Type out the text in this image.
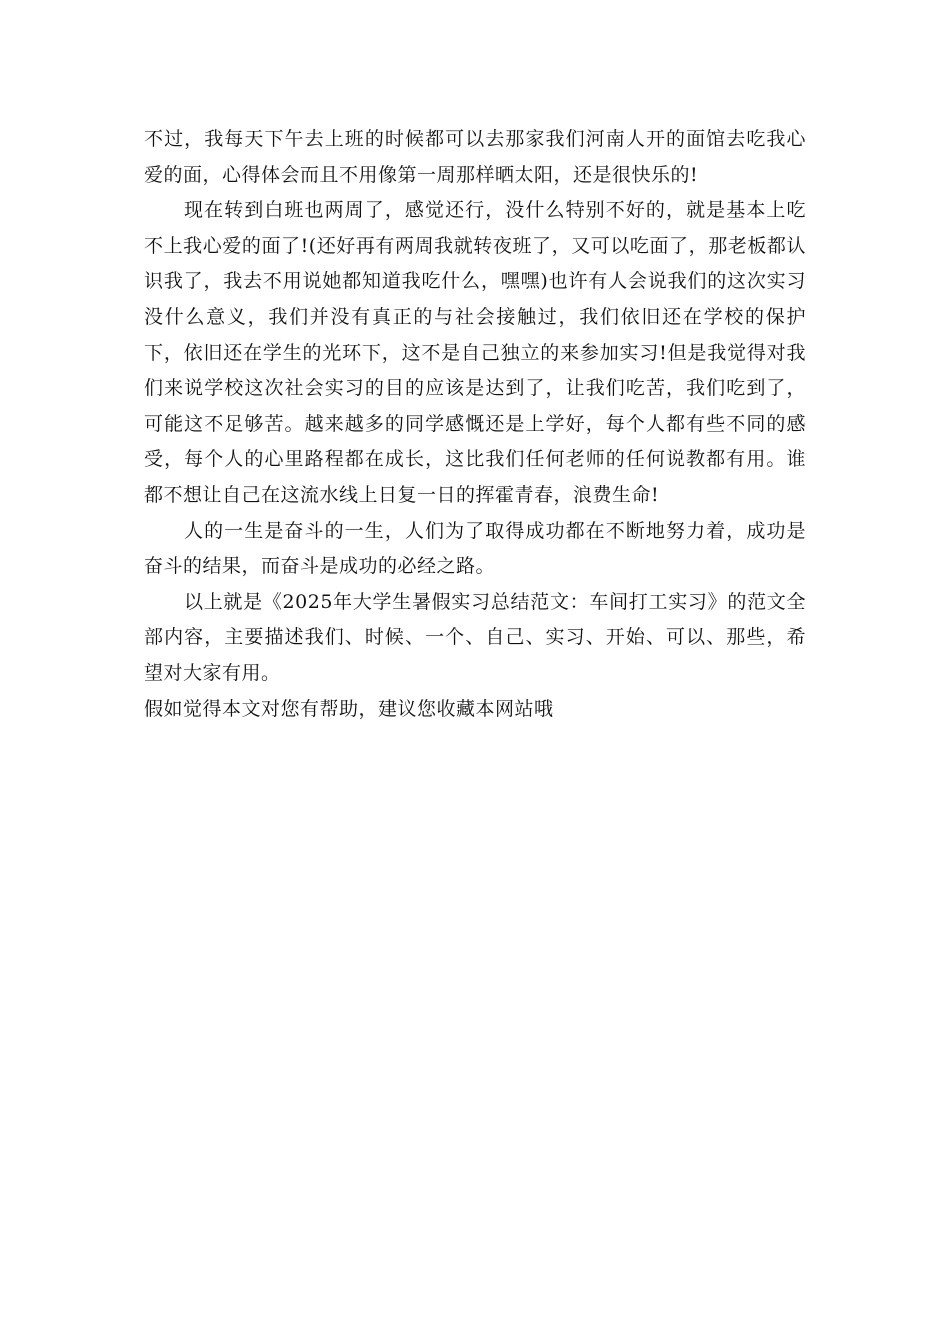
不过，我每天下午去上班的时候都可以去那家我们河南人开的面馆去吃我心爱的面，心得体会而且不用像第一周那样晒太阳，还是很快乐的!

现在转到白班也两周了，感觉还行，没什么特别不好的，就是基本上吃不上我心爱的面了!(还好再有两周我就转夜班了，又可以吃面了，那老板都认识我了，我去不用说她都知道我吃什么，嘿嘿)也许有人会说我们的这次实习没什么意义，我们并没有真正的与社会接触过，我们依旧还在学校的保护下，依旧还在学生的光环下，这不是自己独立的来参加实习!但是我觉得对我们来说学校这次社会实习的目的应该是达到了，让我们吃苦，我们吃到了，可能这不足够苦。越来越多的同学感慨还是上学好，每个人都有些不同的感受，每个人的心里路程都在成长，这比我们任何老师的任何说教都有用。谁都不想让自己在这流水线上日复一日的挥霍青春，浪费生命!

人的一生是奋斗的一生，人们为了取得成功都在不断地努力着，成功是奋斗的结果，而奋斗是成功的必经之路。

以上就是《2025年大学生暑假实习总结范文：车间打工实习》的范文全部内容，主要描述我们、时候、一个、自己、实习、开始、可以、那些，希望对大家有用。

假如觉得本文对您有帮助，建议您收藏本网站哦
